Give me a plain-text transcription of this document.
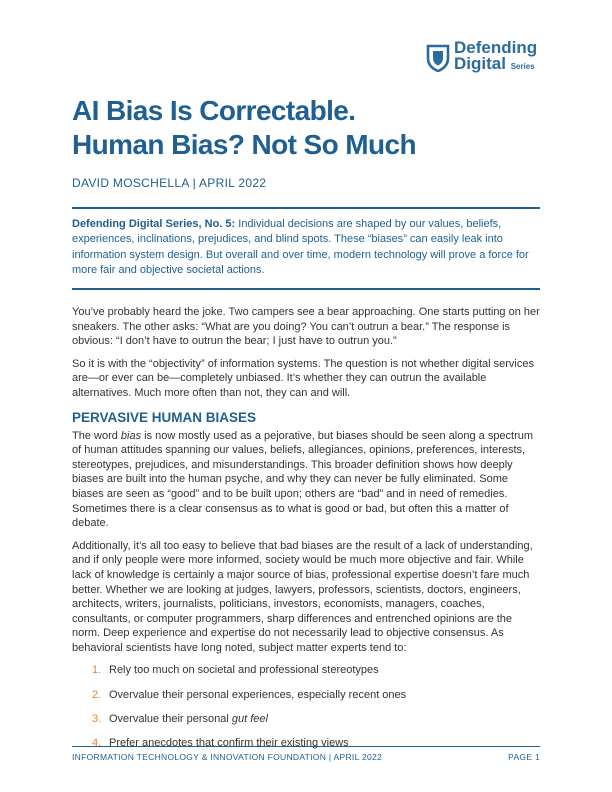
Defending
Digital Series
AI Bias Is Correctable.
Human Bias? Not So Much
DAVID MOSCHELLA | APRIL 2022
Defending Digital Series, No. 5: Individual decisions are shaped by our values, beliefs, experiences, inclinations, prejudices, and blind spots. These “biases” can easily leak into information system design. But overall and over time, modern technology will prove a force for more fair and objective societal actions.

You’ve probably heard the joke. Two campers see a bear approaching. One starts putting on her sneakers. The other asks: “What are you doing? You can’t outrun a bear.” The response is obvious: “I don’t have to outrun the bear; I just have to outrun you.”

So it is with the “objectivity” of information systems. The question is not whether digital services are—or ever can be—completely unbiased. It’s whether they can outrun the available alternatives. Much more often than not, they can and will.

PERVASIVE HUMAN BIASES

The word bias is now mostly used as a pejorative, but biases should be seen along a spectrum of human attitudes spanning our values, beliefs, allegiances, opinions, preferences, interests, stereotypes, prejudices, and misunderstandings. This broader definition shows how deeply biases are built into the human psyche, and why they can never be fully eliminated. Some biases are seen as “good” and to be built upon; others are “bad” and in need of remedies. Sometimes there is a clear consensus as to what is good or bad, but often this a matter of debate.

Additionally, it’s all too easy to believe that bad biases are the result of a lack of understanding, and if only people were more informed, society would be much more objective and fair. While lack of knowledge is certainly a major source of bias, professional expertise doesn’t fare much better. Whether we are looking at judges, lawyers, professors, scientists, doctors, engineers, architects, writers, journalists, politicians, investors, economists, managers, coaches, consultants, or computer programmers, sharp differences and entrenched opinions are the norm. Deep experience and expertise do not necessarily lead to objective consensus. As behavioral scientists have long noted, subject matter experts tend to:

1. Rely too much on societal and professional stereotypes
2. Overvalue their personal experiences, especially recent ones
3. Overvalue their personal gut feel
4. Prefer anecdotes that confirm their existing views
INFORMATION TECHNOLOGY & INNOVATION FOUNDATION | APRIL 2022	PAGE 1
